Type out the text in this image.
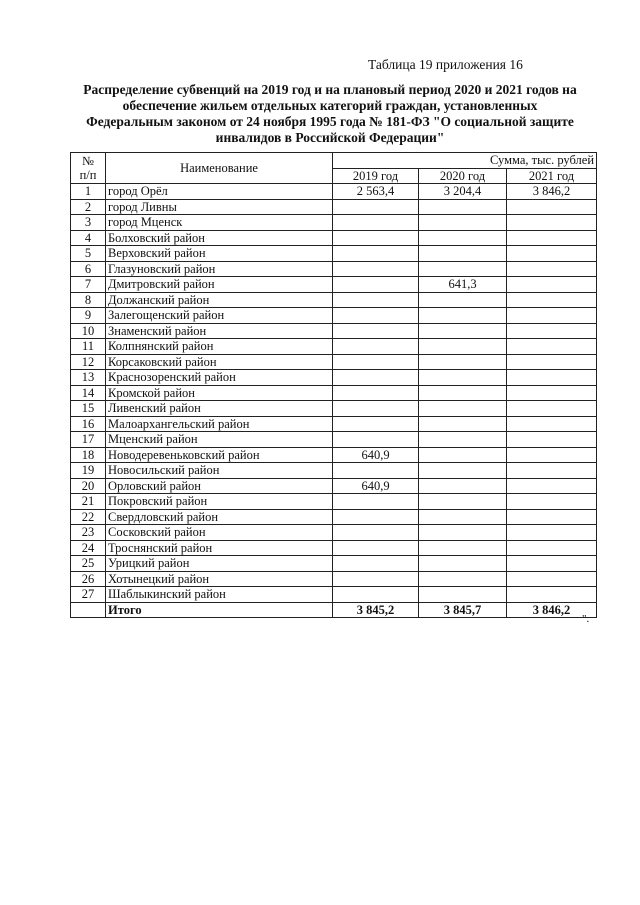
Таблица 19 приложения 16
Распределение субвенций на 2019 год и на плановый период 2020 и 2021 годов на обеспечение жильем отдельных категорий граждан, установленных Федеральным законом от 24 ноября 1995 года № 181-ФЗ "О социальной защите инвалидов в Российской Федерации"
№
п/п	Наименование	Сумма, тыс. рублей		
		2019 год	2020 год	2021 год
1	город Орёл	2 563,4	3 204,4	3 846,2
2	город Ливны			
3	город Мценск			
4	Болховский район			
5	Верховский район			
6	Глазуновский район			
7	Дмитровский район		641,3	
8	Должанский район			
9	Залегощенский район			
10	Знаменский район			
11	Колпнянский район			
12	Корсаковский район			
13	Краснозоренский район			
14	Кромской район			
15	Ливенский район			
16	Малоархангельский район			
17	Мценский район			
18	Новодеревеньковский район	640,9		
19	Новосильский район			
20	Орловский район	640,9		
21	Покровский район			
22	Свердловский район			
23	Сосковский район			
24	Троснянский район			
25	Урицкий район			
26	Хотынецкий район			
27	Шаблыкинский район			
	Итого	3 845,2	3 845,7	3 846,2
".
